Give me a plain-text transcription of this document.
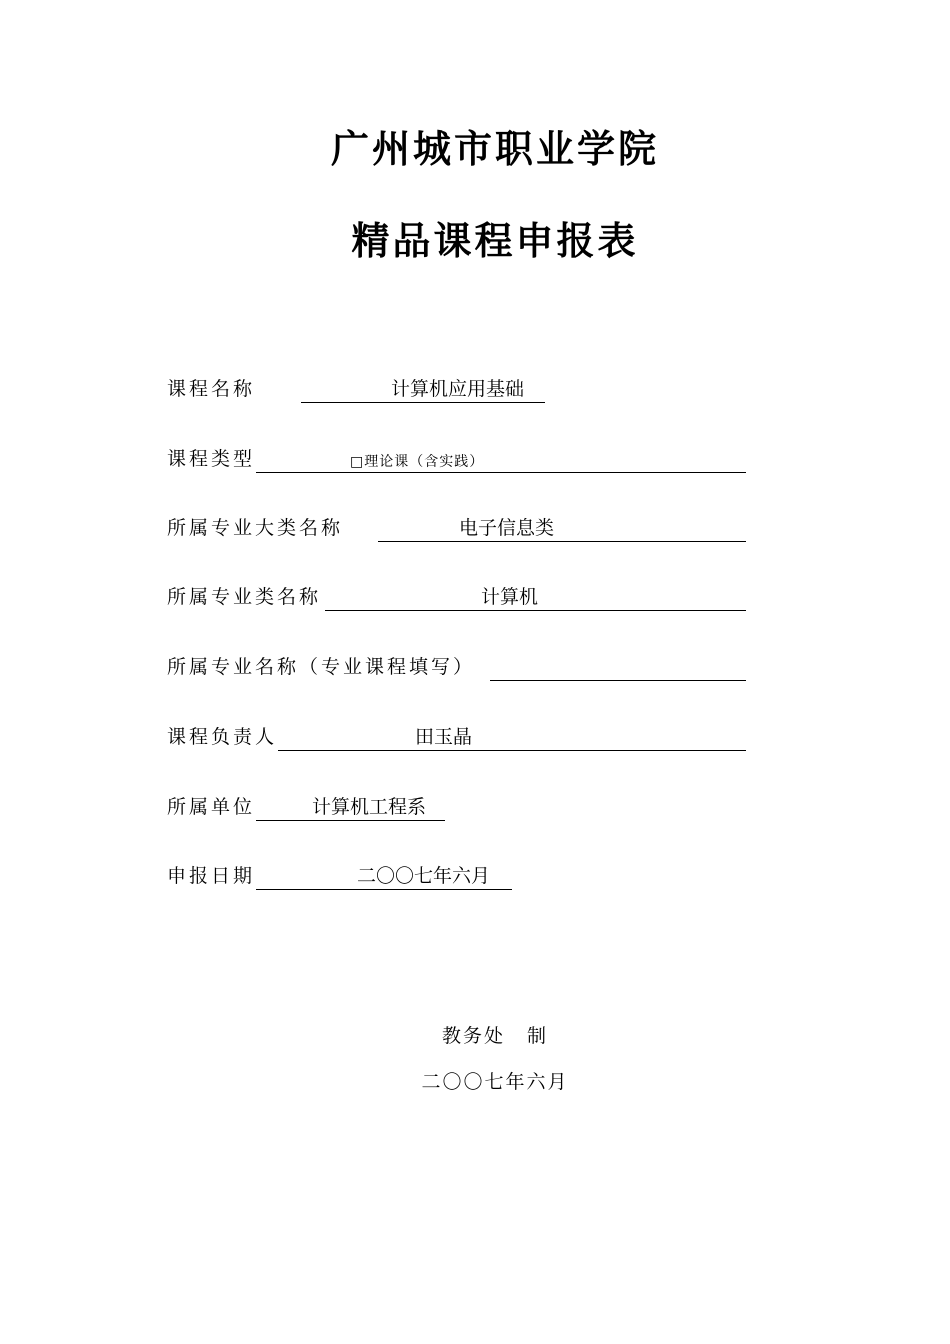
广州城市职业学院
精品课程申报表
课程名称	计算机应用基础
课程类型	□理论课（含实践）
所属专业大类名称	电子信息类
所属专业类名称	计算机
所属专业名称（专业课程填写）
课程负责人	田玉晶
所属单位	计算机工程系
申报日期	二〇〇七年六月
教务处 制
二〇〇七年六月
